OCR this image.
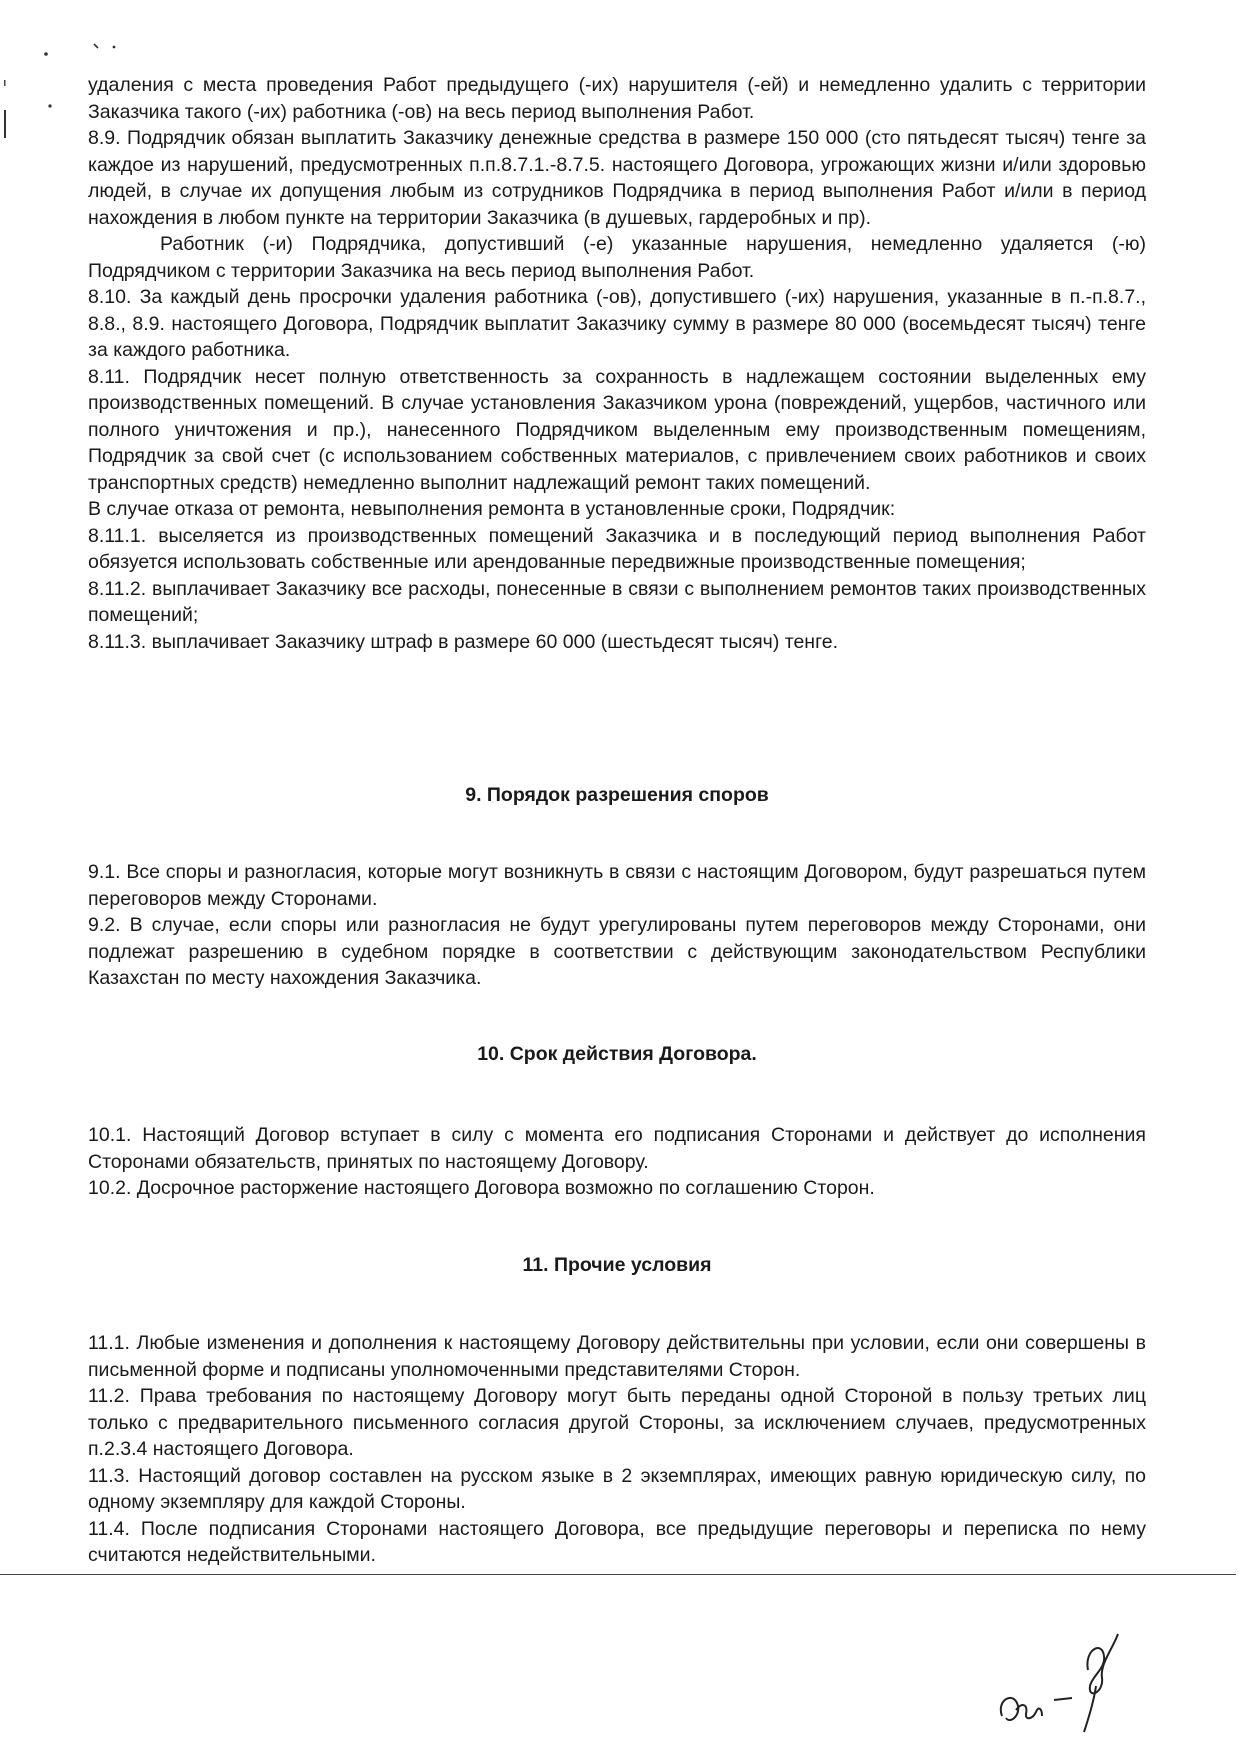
удаления с места проведения Работ предыдущего (-их) нарушителя (-ей) и немедленно удалить с территории Заказчика такого (-их) работника (-ов) на весь период выполнения Работ.

8.9. Подрядчик обязан выплатить Заказчику денежные средства в размере 150 000 (сто пятьдесят тысяч) тенге за каждое из нарушений, предусмотренных п.п.8.7.1.-8.7.5. настоящего Договора, угрожающих жизни и/или здоровью людей, в случае их допущения любым из сотрудников Подрядчика в период выполнения Работ и/или в период нахождения в любом пункте на территории Заказчика (в душевых, гардеробных и пр).

Работник (-и) Подрядчика, допустивший (-е) указанные нарушения, немедленно удаляется (-ю) Подрядчиком с территории Заказчика на весь период выполнения Работ.

8.10. За каждый день просрочки удаления работника (-ов), допустившего (-их) нарушения, указанные в п.-п.8.7., 8.8., 8.9. настоящего Договора, Подрядчик выплатит Заказчику сумму в размере 80 000 (восемьдесят тысяч) тенге за каждого работника.

8.11. Подрядчик несет полную ответственность за сохранность в надлежащем состоянии выделенных ему производственных помещений. В случае установления Заказчиком урона (повреждений, ущербов, частичного или полного уничтожения и пр.), нанесенного Подрядчиком выделенным ему производственным помещениям, Подрядчик за свой счет (с использованием собственных материалов, с привлечением своих работников и своих транспортных средств) немедленно выполнит надлежащий ремонт таких помещений.

В случае отказа от ремонта, невыполнения ремонта в установленные сроки, Подрядчик:

8.11.1. выселяется из производственных помещений Заказчика и в последующий период выполнения Работ обязуется использовать собственные или арендованные передвижные производственные помещения;

8.11.2. выплачивает Заказчику все расходы, понесенные в связи с выполнением ремонтов таких производственных помещений;

8.11.3. выплачивает Заказчику штраф в размере 60 000 (шестьдесят тысяч) тенге.

9. Порядок разрешения споров

9.1. Все споры и разногласия, которые могут возникнуть в связи с настоящим Договором, будут разрешаться путем переговоров между Сторонами.

9.2. В случае, если споры или разногласия не будут урегулированы путем переговоров между Сторонами, они подлежат разрешению в судебном порядке в соответствии с действующим законодательством Республики Казахстан по месту нахождения Заказчика.

10. Срок действия Договора.

10.1. Настоящий Договор вступает в силу с момента его подписания Сторонами и действует до исполнения Сторонами обязательств, принятых по настоящему Договору.

10.2. Досрочное расторжение настоящего Договора возможно по соглашению Сторон.

11. Прочие условия

11.1. Любые изменения и дополнения к настоящему Договору действительны при условии, если они совершены в письменной форме и подписаны уполномоченными представителями Сторон.

11.2. Права требования по настоящему Договору могут быть переданы одной Стороной в пользу третьих лиц только с предварительного письменного согласия другой Стороны, за исключением случаев, предусмотренных п.2.3.4 настоящего Договора.

11.3. Настоящий договор составлен на русском языке в 2 экземплярах, имеющих равную юридическую силу, по одному экземпляру для каждой Стороны.

11.4. После подписания Сторонами настоящего Договора, все предыдущие переговоры и переписка по нему считаются недействительными.
